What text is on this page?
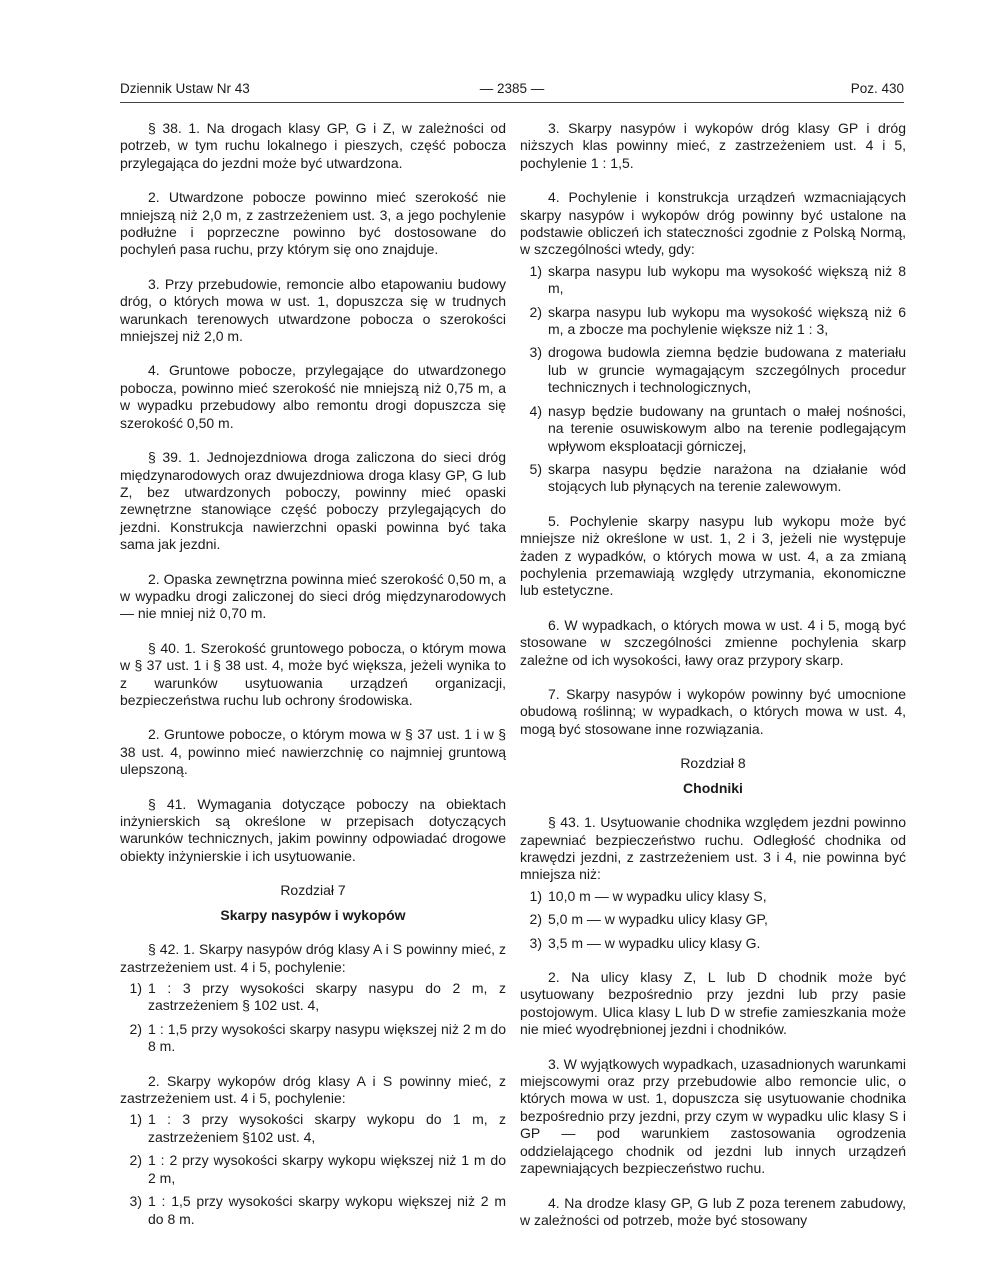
Dziennik Ustaw Nr 43	— 2385 —	Poz. 430

§ 38. 1. Na drogach klasy GP, G i Z, w zależności od potrzeb, w tym ruchu lokalnego i pieszych, część pobocza przylegająca do jezdni może być utwardzona.

2. Utwardzone pobocze powinno mieć szerokość nie mniejszą niż 2,0 m, z zastrzeżeniem ust. 3, a jego pochylenie podłużne i poprzeczne powinno być dostosowane do pochyleń pasa ruchu, przy którym się ono znajduje.

3. Przy przebudowie, remoncie albo etapowaniu budowy dróg, o których mowa w ust. 1, dopuszcza się w trudnych warunkach terenowych utwardzone pobocza o szerokości mniejszej niż 2,0 m.

4. Gruntowe pobocze, przylegające do utwardzonego pobocza, powinno mieć szerokość nie mniejszą niż 0,75 m, a w wypadku przebudowy albo remontu drogi dopuszcza się szerokość 0,50 m.

§ 39. 1. Jednojezdniowa droga zaliczona do sieci dróg międzynarodowych oraz dwujezdniowa droga klasy GP, G lub Z, bez utwardzonych poboczy, powinny mieć opaski zewnętrzne stanowiące część poboczy przylegających do jezdni. Konstrukcja nawierzchni opaski powinna być taka sama jak jezdni.

2. Opaska zewnętrzna powinna mieć szerokość 0,50 m, a w wypadku drogi zaliczonej do sieci dróg międzynarodowych — nie mniej niż 0,70 m.

§ 40. 1. Szerokość gruntowego pobocza, o którym mowa w § 37 ust. 1 i § 38 ust. 4, może być większa, jeżeli wynika to z warunków usytuowania urządzeń organizacji, bezpieczeństwa ruchu lub ochrony środowiska.

2. Gruntowe pobocze, o którym mowa w § 37 ust. 1 i w § 38 ust. 4, powinno mieć nawierzchnię co najmniej gruntową ulepszoną.

§ 41. Wymagania dotyczące poboczy na obiektach inżynierskich są określone w przepisach dotyczących warunków technicznych, jakim powinny odpowiadać drogowe obiekty inżynierskie i ich usytuowanie.

Rozdział 7
Skarpy nasypów i wykopów

§ 42. 1. Skarpy nasypów dróg klasy A i S powinny mieć, z zastrzeżeniem ust. 4 i 5, pochylenie:

1) 1 : 3 przy wysokości skarpy nasypu do 2 m, z zastrzeżeniem § 102 ust. 4,
2) 1 : 1,5 przy wysokości skarpy nasypu większej niż 2 m do 8 m.

2. Skarpy wykopów dróg klasy A i S powinny mieć, z zastrzeżeniem ust. 4 i 5, pochylenie:

1) 1 : 3 przy wysokości skarpy wykopu do 1 m, z zastrzeżeniem §102 ust. 4,
2) 1 : 2 przy wysokości skarpy wykopu większej niż 1 m do 2 m,
3) 1 : 1,5 przy wysokości skarpy wykopu większej niż 2 m do 8 m.

3. Skarpy nasypów i wykopów dróg klasy GP i dróg niższych klas powinny mieć, z zastrzeżeniem ust. 4 i 5, pochylenie 1 : 1,5.

4. Pochylenie i konstrukcja urządzeń wzmacniających skarpy nasypów i wykopów dróg powinny być ustalone na podstawie obliczeń ich stateczności zgodnie z Polską Normą, w szczególności wtedy, gdy:

1) skarpa nasypu lub wykopu ma wysokość większą niż 8 m,
2) skarpa nasypu lub wykopu ma wysokość większą niż 6 m, a zbocze ma pochylenie większe niż 1 : 3,
3) drogowa budowla ziemna będzie budowana z materiału lub w gruncie wymagającym szczególnych procedur technicznych i technologicznych,
4) nasyp będzie budowany na gruntach o małej nośności, na terenie osuwiskowym albo na terenie podlegającym wpływom eksploatacji górniczej,
5) skarpa nasypu będzie narażona na działanie wód stojących lub płynących na terenie zalewowym.

5. Pochylenie skarpy nasypu lub wykopu może być mniejsze niż określone w ust. 1, 2 i 3, jeżeli nie występuje żaden z wypadków, o których mowa w ust. 4, a za zmianą pochylenia przemawiają względy utrzymania, ekonomiczne lub estetyczne.

6. W wypadkach, o których mowa w ust. 4 i 5, mogą być stosowane w szczególności zmienne pochylenia skarp zależne od ich wysokości, ławy oraz przypory skarp.

7. Skarpy nasypów i wykopów powinny być umocnione obudową roślinną; w wypadkach, o których mowa w ust. 4, mogą być stosowane inne rozwiązania.

Rozdział 8
Chodniki

§ 43. 1. Usytuowanie chodnika względem jezdni powinno zapewniać bezpieczeństwo ruchu. Odległość chodnika od krawędzi jezdni, z zastrzeżeniem ust. 3 i 4, nie powinna być mniejsza niż:

1) 10,0 m — w wypadku ulicy klasy S,
2) 5,0 m — w wypadku ulicy klasy GP,
3) 3,5 m — w wypadku ulicy klasy G.

2. Na ulicy klasy Z, L lub D chodnik może być usytuowany bezpośrednio przy jezdni lub przy pasie postojowym. Ulica klasy L lub D w strefie zamieszkania może nie mieć wyodrębnionej jezdni i chodników.

3. W wyjątkowych wypadkach, uzasadnionych warunkami miejscowymi oraz przy przebudowie albo remoncie ulic, o których mowa w ust. 1, dopuszcza się usytuowanie chodnika bezpośrednio przy jezdni, przy czym w wypadku ulic klasy S i GP — pod warunkiem zastosowania ogrodzenia oddzielającego chodnik od jezdni lub innych urządzeń zapewniających bezpieczeństwo ruchu.

4. Na drodze klasy GP, G lub Z poza terenem zabudowy, w zależności od potrzeb, może być stosowany
